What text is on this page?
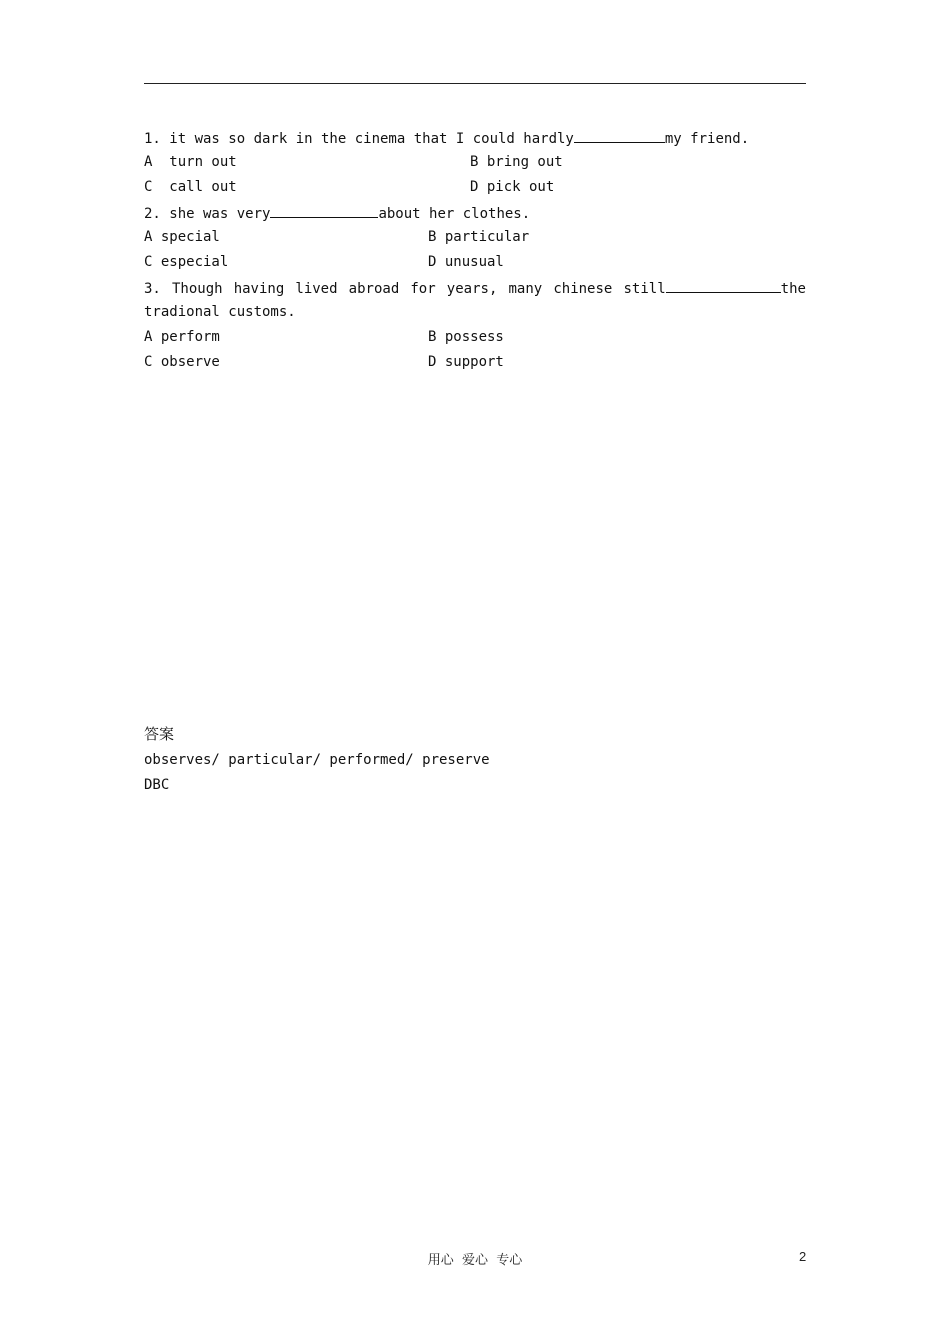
1. it was so dark in the cinema that I could hardly	my friend.
A  turn out	B bring out
C  call out	D pick out
2. she was very	about her clothes.
A special	B particular
C especial	D unusual
3. Though having lived abroad for years, many chinese still	the
tradional customs.
A perform	B possess
C observe	D support
答案
observes/ particular/ performed/ preserve
DBC
用心  爱心  专心	2
